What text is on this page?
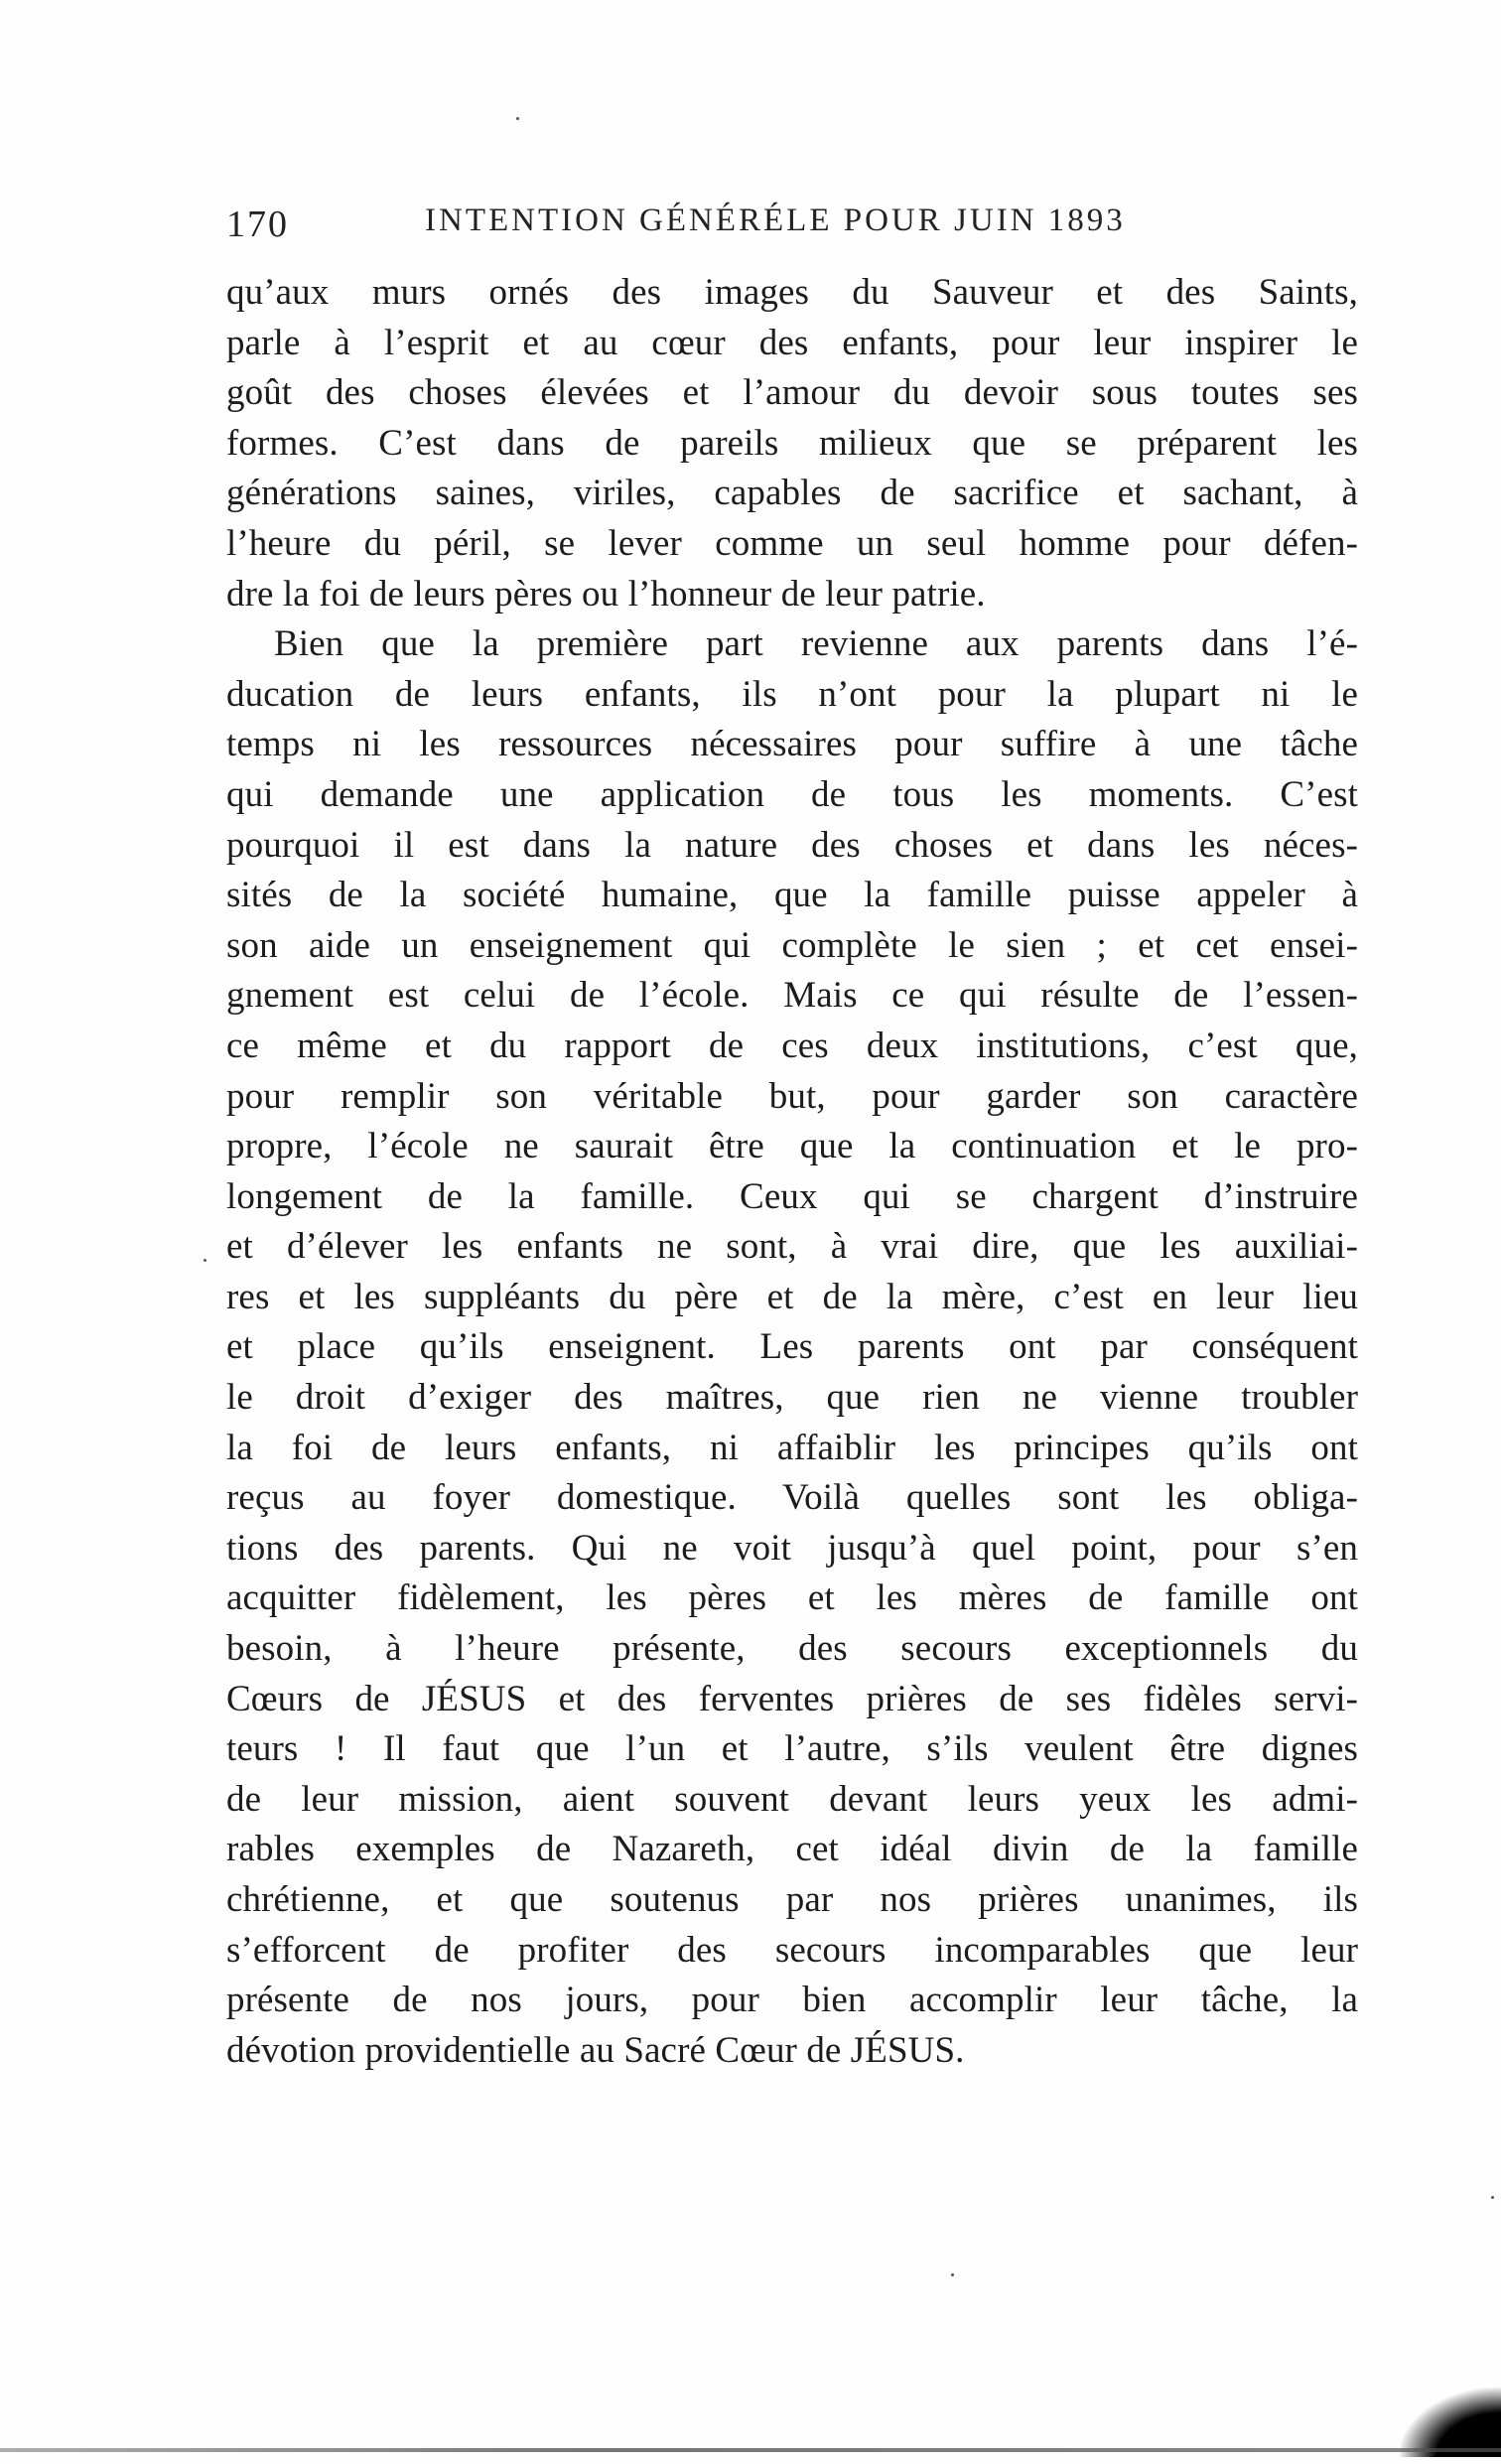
170	INTENTION GÉNÉRÉLE POUR JUIN 1893
qu’aux murs ornés des images du Sauveur et des Saints,
parle à l’esprit et au cœur des enfants, pour leur inspirer le
goût des choses élevées et l’amour du devoir sous toutes ses
formes. C’est dans de pareils milieux que se préparent les
générations saines, viriles, capables de sacrifice et sachant, à
l’heure du péril, se lever comme un seul homme pour défen-
dre la foi de leurs pères ou l’honneur de leur patrie.
Bien que la première part revienne aux parents dans l’é-
ducation de leurs enfants, ils n’ont pour la plupart ni le
temps ni les ressources nécessaires pour suffire à une tâche
qui demande une application de tous les moments. C’est
pourquoi il est dans la nature des choses et dans les néces-
sités de la société humaine, que la famille puisse appeler à
son aide un enseignement qui complète le sien ; et cet ensei-
gnement est celui de l’école. Mais ce qui résulte de l’essen-
ce même et du rapport de ces deux institutions, c’est que,
pour remplir son véritable but, pour garder son caractère
propre, l’école ne saurait être que la continuation et le pro-
longement de la famille. Ceux qui se chargent d’instruire
et d’élever les enfants ne sont, à vrai dire, que les auxiliai-
res et les suppléants du père et de la mère, c’est en leur lieu
et place qu’ils enseignent. Les parents ont par conséquent
le droit d’exiger des maîtres, que rien ne vienne troubler
la foi de leurs enfants, ni affaiblir les principes qu’ils ont
reçus au foyer domestique. Voilà quelles sont les obliga-
tions des parents. Qui ne voit jusqu’à quel point, pour s’en
acquitter fidèlement, les pères et les mères de famille ont
besoin, à l’heure présente, des secours exceptionnels du
Cœurs de JÉSUS et des ferventes prières de ses fidèles servi-
teurs ! Il faut que l’un et l’autre, s’ils veulent être dignes
de leur mission, aient souvent devant leurs yeux les admi-
rables exemples de Nazareth, cet idéal divin de la famille
chrétienne, et que soutenus par nos prières unanimes, ils
s’efforcent de profiter des secours incomparables que leur
présente de nos jours, pour bien accomplir leur tâche, la
dévotion providentielle au Sacré Cœur de JÉSUS.
